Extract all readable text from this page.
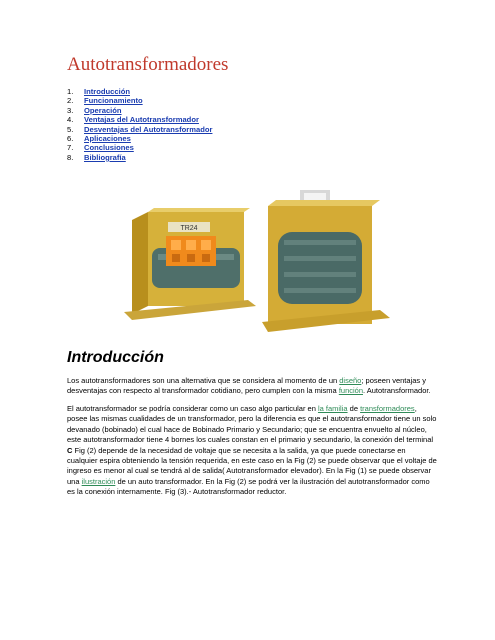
Autotransformadores
1. Introducción
2. Funcionamiento
3. Operación
4. Ventajas del Autotransformador
5. Desventajas del Autotransformador
6. Aplicaciones
7. Conclusiones
8. Bibliografía
TR24
Introducción

Los autotransformadores son una alternativa que se considera al momento de un diseño; poseen ventajas y desventajas con respecto al transformador cotidiano, pero cumplen con la misma función. Autotransformador.

El autotransformador se podría considerar como un caso algo particular en la familia de transformadores, posee las mismas cualidades de un transformador, pero la diferencia es que el autotransformador tiene un solo devanado (bobinado) el cual hace de Bobinado Primario y Secundario; que se encuentra envuelto al núcleo, este autotransformador tiene 4 bornes los cuales constan en el primario y secundario, la conexión del terminal C Fig (2) depende de la necesidad de voltaje que se necesita a la salida, ya que puede conectarse en cualquier espira obteniendo la tensión requerida, en este caso en la Fig (2) se puede observar que el voltaje de ingreso es menor al cual se tendrá al de salida( Autotransformador elevador). En la Fig (1) se puede observar una ilustración de un auto transformador. En la Fig (2) se podrá ver la ilustración del autotransformador como es la conexión internamente. Fig (3).- Autotransformador reductor.
